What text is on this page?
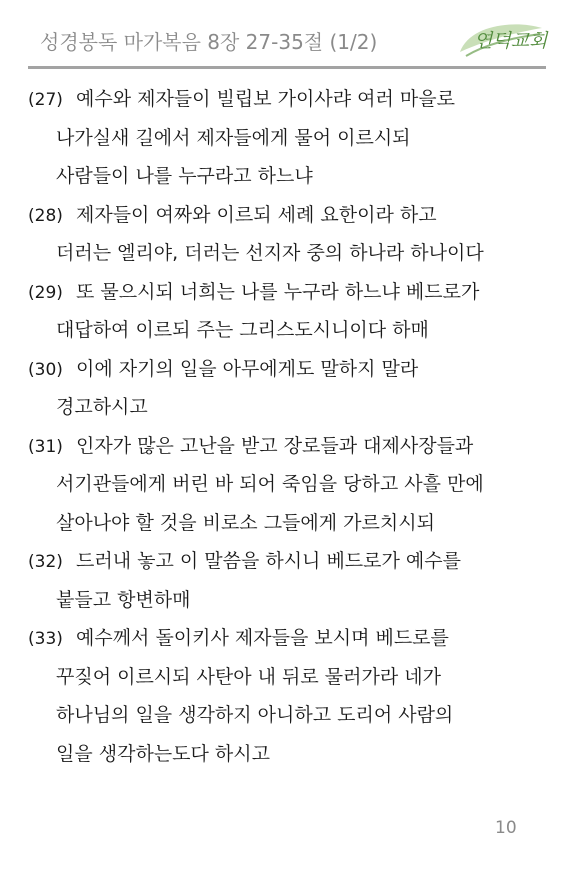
성경봉독 마가복음 8장 27-35절 (1/2)	연덕교회
(27) 예수와 제자들이 빌립보 가이사랴 여러 마을로
나가실새 길에서 제자들에게 물어 이르시되
사람들이 나를 누구라고 하느냐
(28) 제자들이 여짜와 이르되 세례 요한이라 하고
더러는 엘리야, 더러는 선지자 중의 하나라 하나이다
(29) 또 물으시되 너희는 나를 누구라 하느냐 베드로가
대답하여 이르되 주는 그리스도시니이다 하매
(30) 이에 자기의 일을 아무에게도 말하지 말라
경고하시고
(31) 인자가 많은 고난을 받고 장로들과 대제사장들과
서기관들에게 버린 바 되어 죽임을 당하고 사흘 만에
살아나야 할 것을 비로소 그들에게 가르치시되
(32) 드러내 놓고 이 말씀을 하시니 베드로가 예수를
붙들고 항변하매
(33) 예수께서 돌이키사 제자들을 보시며 베드로를
꾸짖어 이르시되 사탄아 내 뒤로 물러가라 네가
하나님의 일을 생각하지 아니하고 도리어 사람의
일을 생각하는도다 하시고
10
